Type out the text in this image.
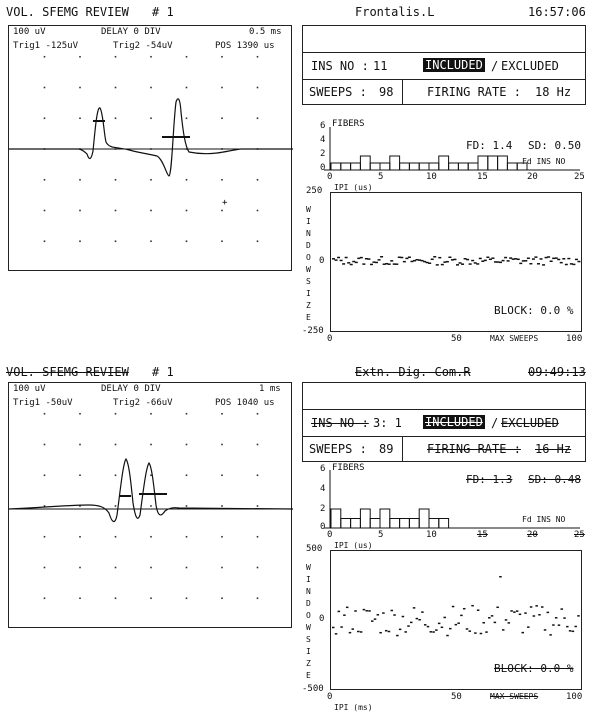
VOL. SFEMG REVIEW # 1	Frontalis.L	16:57:06
100 uV	DELAY 0 DIV	0.5 ms
Trig1 -125uV	Trig2 -54uV	POS 1390 us
+
INS NO : 11	INCLUDED / EXCLUDED
SWEEPS : 98	FIRING RATE : 18 Hz
FIBERS
6
4
2
0
FD: 1.4 SD: 0.50
Fd INS NO
0	5	10	15	20	25
IPI (us)
250
0
-250
WINDOW SIZE
BLOCK: 0.0 %
0	50	MAX SWEEPS	100
VOL. SFEMG REVIEW # 1	Extn. Dig. Com.R	09:49:13
100 uV	DELAY 0 DIV	1 ms
Trig1 -50uV	Trig2 -66uV	POS 1040 us
INS NO : 3: 1 INCLUDED / EXCLUDED
SWEEPS : 89	FIRING RATE : 16 Hz
FIBERS
6
4
2
0
FD: 1.3 SD: 0.48
Fd INS NO
0	5	10	15	20	25
IPI (us)
500
0
-500
WINDOW SIZE
BLOCK: 0.0 %
0	50	MAX SWEEPS	100
IPI (ms)
